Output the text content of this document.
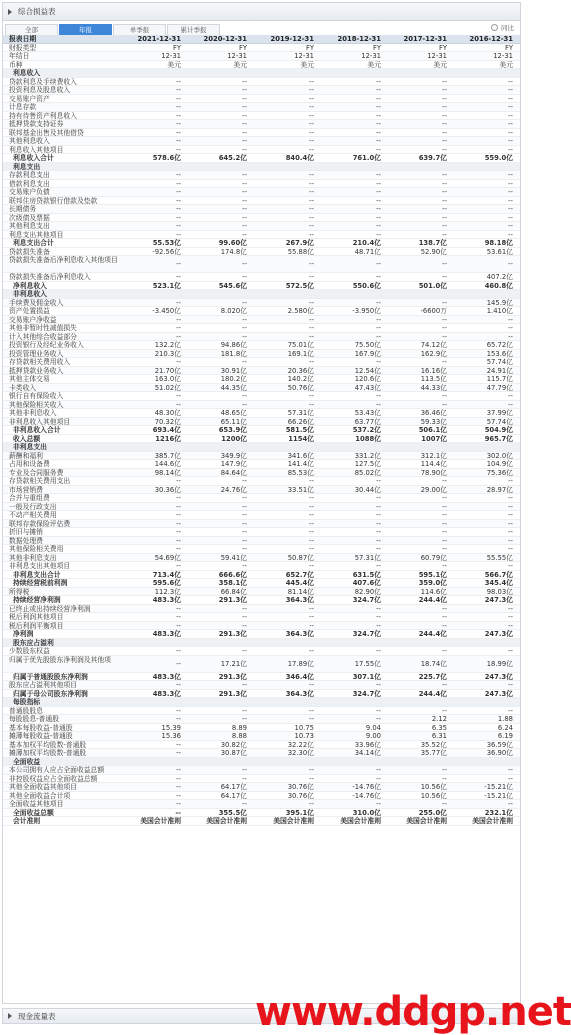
综合损益表
全部	年报	单季报	累计季报	同比
报表日期	2021-12-31	2020-12-31	2019-12-31	2018-12-31	2017-12-31	2016-12-31
财报类型	FY	FY	FY	FY	FY	FY
年结日	12-31	12-31	12-31	12-31	12-31	12-31
币种	美元	美元	美元	美元	美元	美元
利息收入
贷款利息及手续费收入	--	--	--	--	--	--
投资利息及股息收入	--	--	--	--	--	--
交易账户资产	--	--	--	--	--	--
计息存款	--	--	--	--	--	--
持有待售资产利息收入	--	--	--	--	--	--
抵押贷款支持证券	--	--	--	--	--	--
联邦基金出售及其他借贷	--	--	--	--	--	--
其他利息收入	--	--	--	--	--	--
利息收入其他项目	--	--	--	--	--	--
利息收入合计	578.6亿	645.2亿	840.4亿	761.0亿	639.7亿	559.0亿
利息支出
存款利息支出	--	--	--	--	--	--
借款利息支出	--	--	--	--	--	--
交易账户负债	--	--	--	--	--	--
联邦住房贷款银行借款及垫款	--	--	--	--	--	--
长期债务	--	--	--	--	--	--
次级债及票据	--	--	--	--	--	--
其他利息支出	--	--	--	--	--	--
利息支出其他项目	--	--	--	--	--	--
利息支出合计	55.53亿	99.60亿	267.9亿	210.4亿	138.7亿	98.18亿
贷款损失准备	-92.56亿	174.8亿	55.88亿	48.71亿	52.90亿	53.61亿
贷款损失准备后净利息收入其他项目	--	--	--	--	--	--
贷款损失准备后净利息收入	--	--	--	--	--	407.2亿
净利息收入	523.1亿	545.6亿	572.5亿	550.6亿	501.0亿	460.8亿
非利息收入
手续费及佣金收入	--	--	--	--	--	145.9亿
资产处置损益	-3.450亿	8.020亿	2.580亿	-3.950亿	-6600万	1.410亿
交易账户净收益	--	--	--	--	--	--
其他非暂时性减值损失	--	--	--	--	--	--
计入其他综合收益部分	--	--	--	--	--	--
投资银行及经纪业务收入	132.2亿	94.86亿	75.01亿	75.50亿	74.12亿	65.72亿
投资管理业务收入	210.3亿	181.8亿	169.1亿	167.9亿	162.9亿	153.6亿
存贷款相关费用收入	--	--	--	--	--	57.74亿
抵押贷款业务收入	21.70亿	30.91亿	20.36亿	12.54亿	16.16亿	24.91亿
其他主体交易	163.0亿	180.2亿	140.2亿	120.6亿	113.5亿	115.7亿
卡类收入	51.02亿	44.35亿	50.76亿	47.43亿	44.33亿	47.79亿
银行自有保险收入	--	--	--	--	--	--
其他保险相关收入	--	--	--	--	--	--
其他非利息收入	48.30亿	48.65亿	57.31亿	53.43亿	36.46亿	37.99亿
非利息收入其他项目	70.32亿	65.11亿	66.26亿	63.77亿	59.33亿	57.74亿
非利息收入合计	693.4亿	653.9亿	581.5亿	537.2亿	506.1亿	504.9亿
收入总额	1216亿	1200亿	1154亿	1088亿	1007亿	965.7亿
非利息支出
薪酬和福利	385.7亿	349.9亿	341.6亿	331.2亿	312.1亿	302.0亿
占用和设备费	144.6亿	147.9亿	141.4亿	127.5亿	114.4亿	104.9亿
专业及合同服务费	98.14亿	84.64亿	85.53亿	85.02亿	78.90亿	75.36亿
存贷款相关费用支出	--	--	--	--	--	--
市场营销费	30.36亿	24.76亿	33.51亿	30.44亿	29.00亿	28.97亿
合并与重组费	--	--	--	--	--	--
一般及行政支出	--	--	--	--	--	--
不动产相关费用	--	--	--	--	--	--
联邦存款保险评估费	--	--	--	--	--	--
折旧与摊销	--	--	--	--	--	--
数据处理费	--	--	--	--	--	--
其他保险相关费用	--	--	--	--	--	--
其他非利息支出	54.69亿	59.41亿	50.87亿	57.31亿	60.79亿	55.55亿
非利息支出其他项目	--	--	--	--	--	--
非利息支出合计	713.4亿	666.6亿	652.7亿	631.5亿	595.1亿	566.7亿
持续经营税前利润	595.6亿	358.1亿	445.4亿	407.6亿	359.0亿	345.4亿
所得税	112.3亿	66.84亿	81.14亿	82.90亿	114.6亿	98.03亿
持续经营净利润	483.3亿	291.3亿	364.3亿	324.7亿	244.4亿	247.3亿
已终止或出持续经营净利润	--	--	--	--	--	--
税后利润其他项目	--	--	--	--	--	--
税后利润平衡项目	--	--	--	--	--	--
净利润	483.3亿	291.3亿	364.3亿	324.7亿	244.4亿	247.3亿
股东应占溢利
少数股东权益	--	--	--	--	--	--
归属于优先股股东净利润及其他项	--	17.21亿	17.89亿	17.55亿	18.74亿	18.99亿
归属于普通股股东净利润	483.3亿	291.3亿	346.4亿	307.1亿	225.7亿	247.3亿
股东应占溢利其他项目	--	--	--	--	--	--
归属于母公司股东净利润	483.3亿	291.3亿	364.3亿	324.7亿	244.4亿	247.3亿
每股指标
普通股股息	--	--	--	--	--	--
每股股息-普通股	--	--	--	--	2.12	1.88
基本每股收益-普通股	15.39	8.89	10.75	9.04	6.35	6.24
摊薄每股收益-普通股	15.36	8.88	10.73	9.00	6.31	6.19
基本加权平均股数-普通股	--	30.82亿	32.22亿	33.96亿	35.52亿	36.59亿
摊薄加权平均股数-普通股	--	30.87亿	32.30亿	34.14亿	35.77亿	36.90亿
全面收益
本公司拥有人应占全面收益总额	--	--	--	--	--	--
非控股权益应占全面收益总额	--	--	--	--	--	--
其他全面收益其他项目	--	64.17亿	30.76亿	-14.76亿	10.56亿	-15.21亿
其他全面收益合计项	--	64.17亿	30.76亿	-14.76亿	10.56亿	-15.21亿
全面收益其他项目	--	--	--	--	--	--
全面收益总额	--	355.5亿	395.1亿	310.0亿	255.0亿	232.1亿
会计准则	美国会计准则	美国会计准则	美国会计准则	美国会计准则	美国会计准则	美国会计准则
现金流量表	www.ddgp.net
